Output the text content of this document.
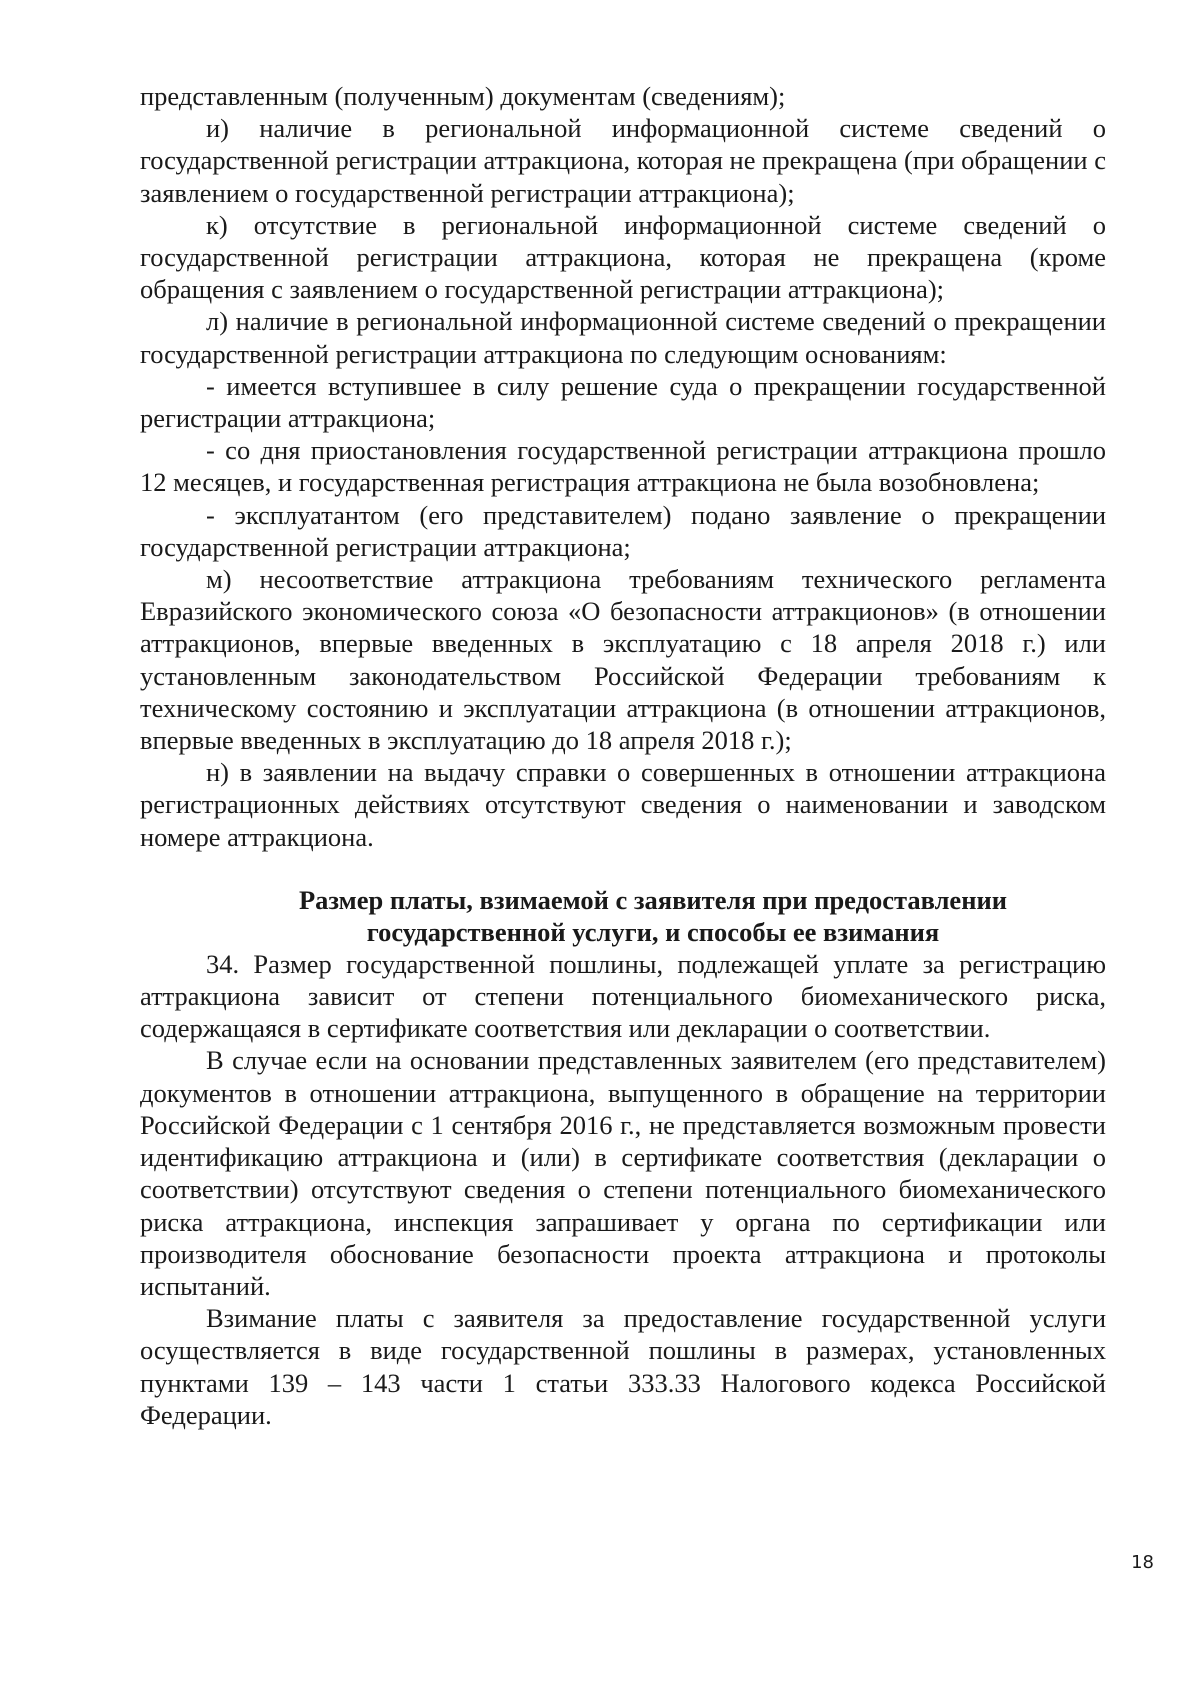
представленным (полученным) документам (сведениям);

и) наличие в региональной информационной системе сведений о государственной регистрации аттракциона, которая не прекращена (при обращении с заявлением о государственной регистрации аттракциона);

к) отсутствие в региональной информационной системе сведений о государственной регистрации аттракциона, которая не прекращена (кроме обращения с заявлением о государственной регистрации аттракциона);

л) наличие в региональной информационной системе сведений о прекращении государственной регистрации аттракциона по следующим основаниям:

- имеется вступившее в силу решение суда о прекращении государственной регистрации аттракциона;

- со дня приостановления государственной регистрации аттракциона прошло 12 месяцев, и государственная регистрация аттракциона не была возобновлена;

- эксплуатантом (его представителем) подано заявление о прекращении государственной регистрации аттракциона;

м) несоответствие аттракциона требованиям технического регламента Евразийского экономического союза «О безопасности аттракционов» (в отношении аттракционов, впервые введенных в эксплуатацию с 18 апреля 2018 г.) или установленным законодательством Российской Федерации требованиям к техническому состоянию и эксплуатации аттракциона (в отношении аттракционов, впервые введенных в эксплуатацию до 18 апреля 2018 г.);

н) в заявлении на выдачу справки о совершенных в отношении аттракциона регистрационных действиях отсутствуют сведения о наименовании и заводском номере аттракциона.

Размер платы, взимаемой с заявителя при предоставлении
государственной услуги, и способы ее взимания

34. Размер государственной пошлины, подлежащей уплате за регистрацию аттракциона зависит от степени потенциального биомеханического риска, содержащаяся в сертификате соответствия или декларации о соответствии.

В случае если на основании представленных заявителем (его представителем) документов в отношении аттракциона, выпущенного в обращение на территории Российской Федерации с 1 сентября 2016 г., не представляется возможным провести идентификацию аттракциона и (или) в сертификате соответствия (декларации о соответствии) отсутствуют сведения о степени потенциального биомеханического риска аттракциона, инспекция запрашивает у органа по сертификации или производителя обоснование безопасности проекта аттракциона и протоколы испытаний.

Взимание платы с заявителя за предоставление государственной услуги осуществляется в виде государственной пошлины в размерах, установленных пунктами 139 – 143 части 1 статьи 333.33 Налогового кодекса Российской Федерации.

18
